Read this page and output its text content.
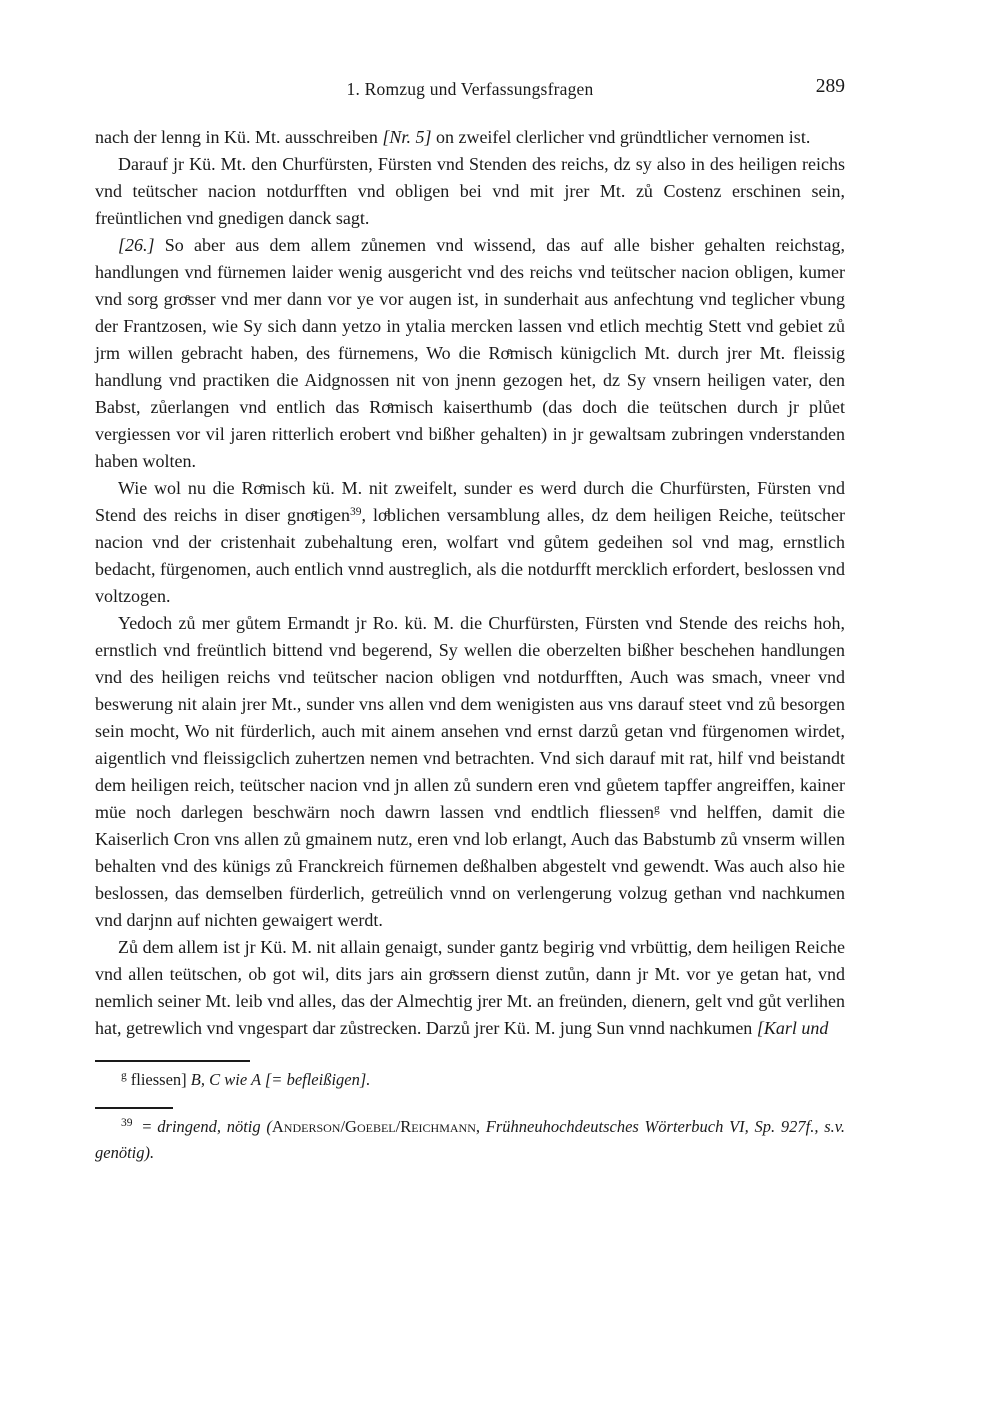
1. Romzug und Verfassungsfragen	289

nach der lenng in Kü. Mt. ausschreiben [Nr. 5] on zweifel clerlicher vnd gründtlicher vernomen ist.

Darauf jr Kü. Mt. den Churfürsten, Fürsten vnd Stenden des reichs, dz sy also in des heiligen reichs vnd teütscher nacion notdurfften vnd obligen bei vnd mit jrer Mt. zů Costenz erschinen sein, freüntlichen vnd gnedigen danck sagt.

[26.] So aber aus dem allem zůnemen vnd wissend, das auf alle bisher gehalten reichstag, handlungen vnd fürnemen laider wenig ausgericht vnd des reichs vnd teütscher nacion obligen, kumer vnd sorg groͤsser vnd mer dann vor ye vor augen ist, in sunderhait aus anfechtung vnd teglicher vbung der Frantzosen, wie Sy sich dann yetzo in ytalia mercken lassen vnd etlich mechtig Stett vnd gebiet zů jrm willen gebracht haben, des fürnemens, Wo die Roͤmisch künigclich Mt. durch jrer Mt. fleissig handlung vnd practiken die Aidgnossen nit von jnenn gezogen het, dz Sy vnsern heiligen vater, den Babst, zůerlangen vnd entlich das Roͤmisch kaiserthumb (das doch die teütschen durch jr plůet vergiessen vor vil jaren ritterlich erobert vnd bißher gehalten) in jr gewaltsam zubringen vnderstanden haben wolten.

Wie wol nu die Roͤmisch kü. M. nit zweifelt, sunder es werd durch die Churfürsten, Fürsten vnd Stend des reichs in diser gnoͤtigen$^{39}$, loͤblichen versamblung alles, dz dem heiligen Reiche, teütscher nacion vnd der cristenhait zubehaltung eren, wolfart vnd gůtem gedeihen sol vnd mag, ernstlich bedacht, fürgenomen, auch entlich vnnd austreglich, als die notdurfft mercklich erfordert, beslossen vnd voltzogen.

Yedoch zů mer gůtem Ermandt jr Ro. kü. M. die Churfürsten, Fürsten vnd Stende des reichs hoh, ernstlich vnd freüntlich bittend vnd begerend, Sy wellen die oberzelten bißher beschehen handlungen vnd des heiligen reichs vnd teütscher nacion obligen vnd notdurfften, Auch was smach, vneer vnd beswerung nit alain jrer Mt., sunder vns allen vnd dem wenigisten aus vns darauf steet vnd zů besorgen sein mocht, Wo nit fürderlich, auch mit ainem ansehen vnd ernst darzů getan vnd fürgenomen wirdet, aigentlich vnd fleissigclich zuhertzen nemen vnd betrachten. Vnd sich darauf mit rat, hilf vnd beistandt dem heiligen reich, teütscher nacion vnd jn allen zů sundern eren vnd gůetem tapffer angreiffen, kainer müe noch darlegen beschwärn noch dawrn lassen vnd endtlich fliessen$^g$ vnd helffen, damit die Kaiserlich Cron vns allen zů gmainem nutz, eren vnd lob erlangt, Auch das Babstumb zů vnserm willen behalten vnd des künigs zů Franckreich fürnemen deßhalben abgestelt vnd gewendt. Was auch also hie beslossen, das demselben fürderlich, getreülich vnnd on verlengerung volzug gethan vnd nachkumen vnd darjnn auf nichten gewaigert werdt.

Zů dem allem ist jr Kü. M. nit allain genaigt, sunder gantz begirig vnd vrbüttig, dem heiligen Reiche vnd allen teütschen, ob got wil, dits jars ain groͤssern dienst zutůn, dann jr Mt. vor ye getan hat, vnd nemlich seiner Mt. leib vnd alles, das der Almechtig jrer Mt. an freünden, dienern, gelt vnd gůt verlihen hat, getrewlich vnd vngespart dar zůstrecken. Darzů jrer Kü. M. jung Sun vnnd nachkumen [Karl und

$^g$ fliessen] B, C wie A [= befleißigen].

$^{39}$ = dringend, nötig (Anderson/Goebel/Reichmann, Frühneuhochdeutsches Wörterbuch VI, Sp. 927f., s.v. genötig).
